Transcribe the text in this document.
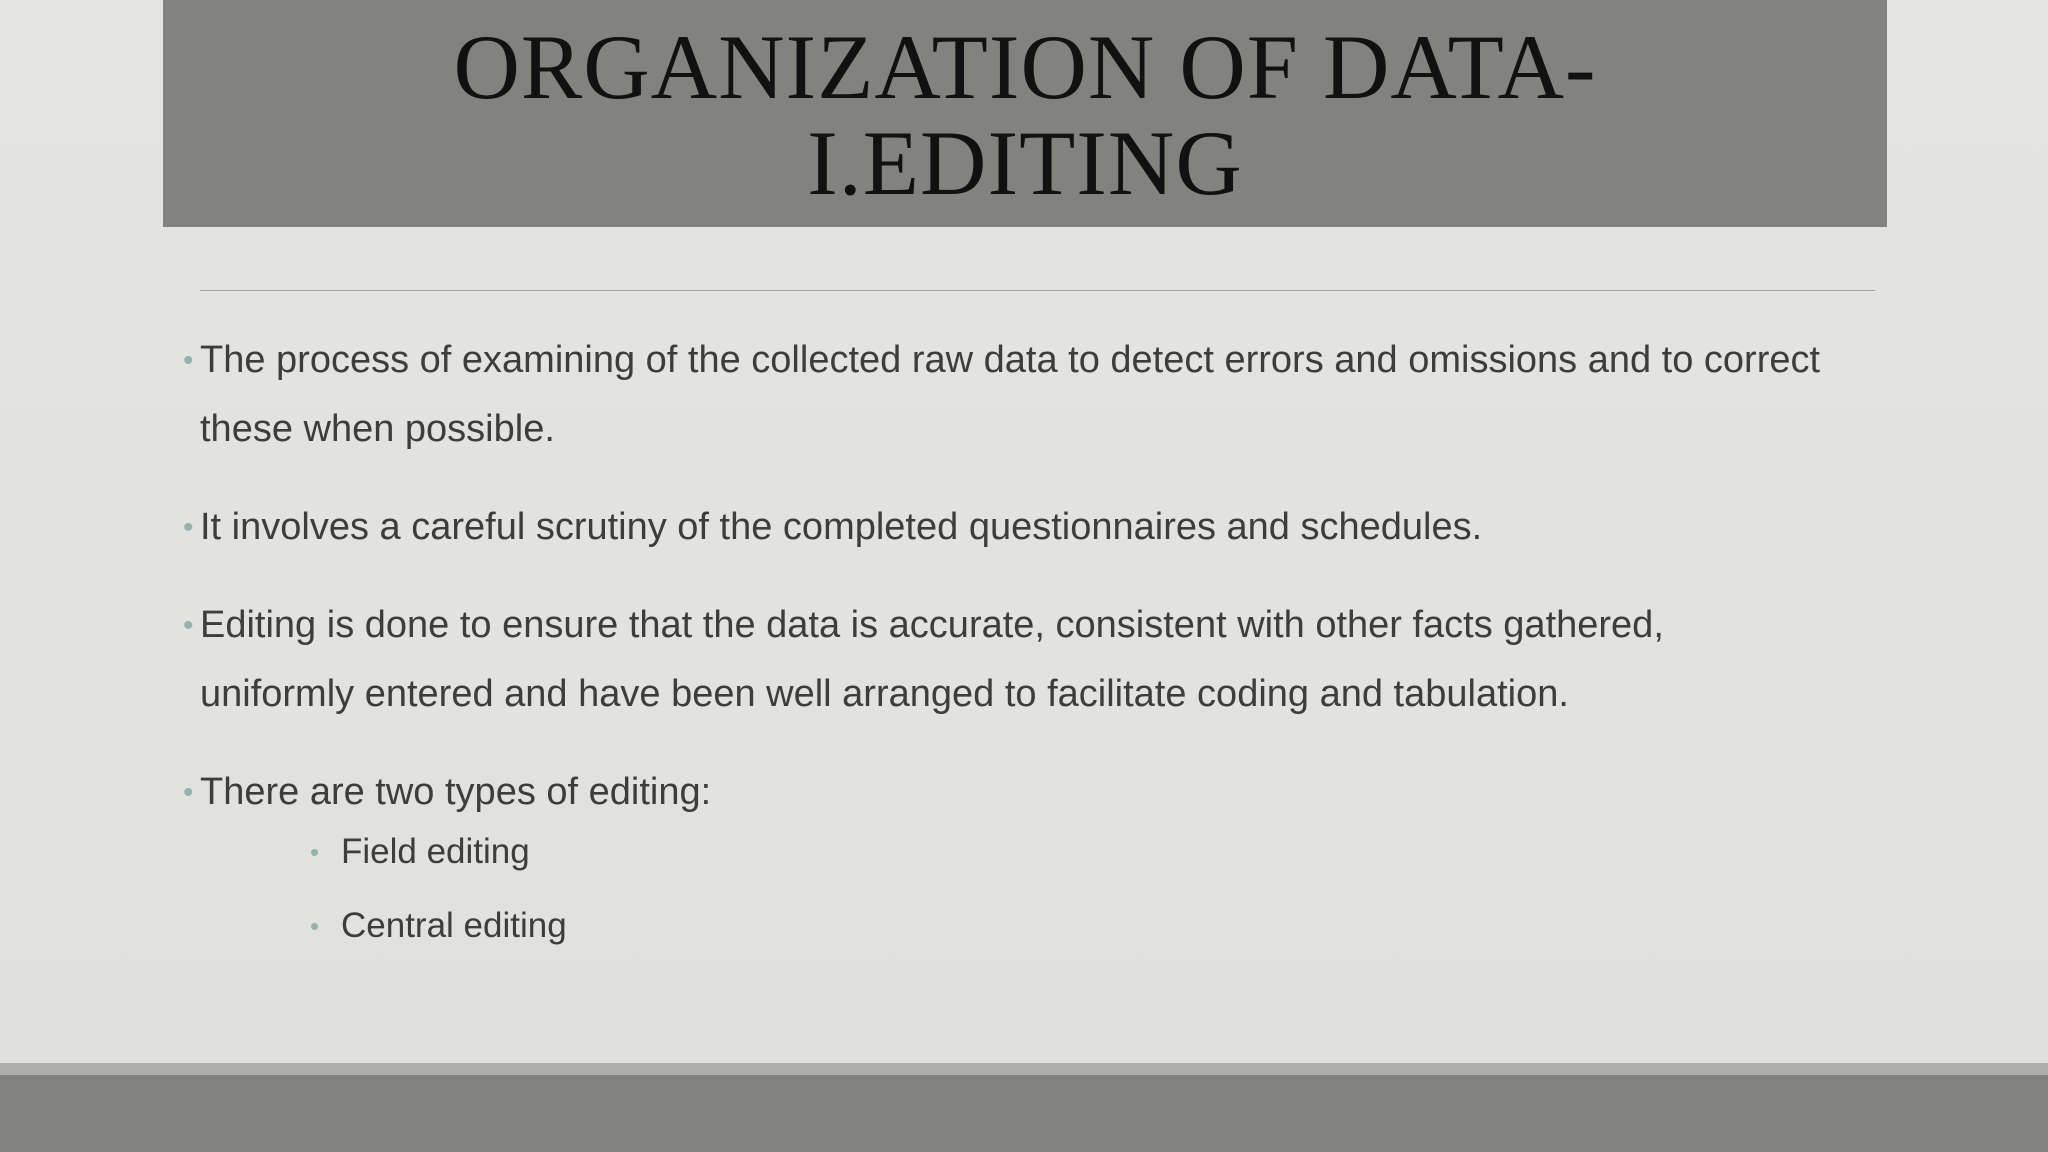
ORGANIZATION OF DATA-
I.EDITING
• The process of examining of the collected raw data to detect errors and omissions and to correct these when possible.
• It involves a careful scrutiny of the completed questionnaires and schedules.
• Editing is done to ensure that the data is accurate, consistent with other facts gathered, uniformly entered and have been well arranged to facilitate coding and tabulation.
• There are two types of editing:
• Field editing
• Central editing
